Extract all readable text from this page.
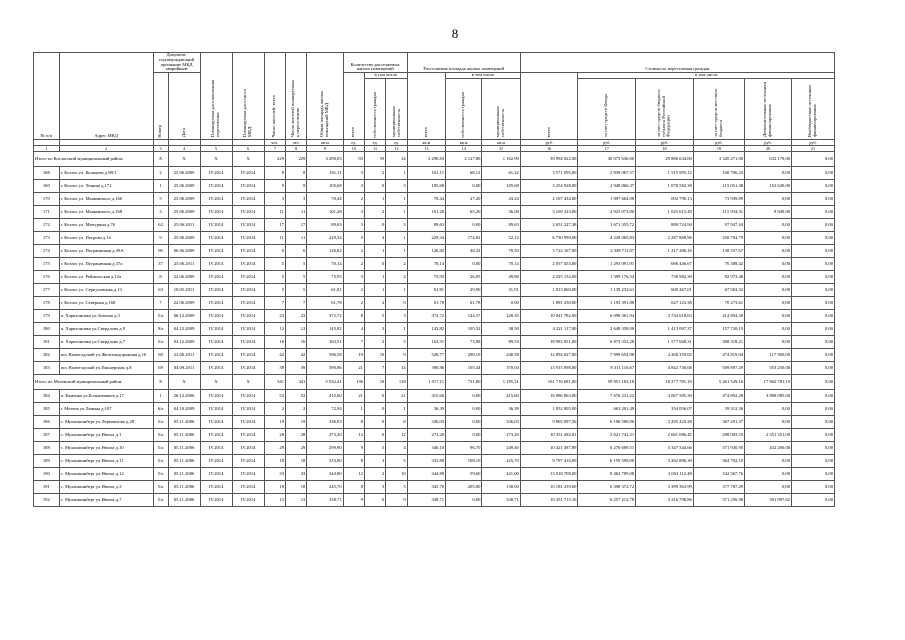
8
№ п/п	Адрес МКД	Документ, подтверждающий признание МКД аварийным		Планируемая дата окончания переселения	Планируемая дата сноса МКД	Число жителей, всего	Число жителей планируемых к переселению	Общая площадь жилых помещений МКД	Количество расселяемых жилых помещений			Расселяемая площадь жилых помещений			Стоимость переселения граждан					
		Номер	Дата						всего	в том числе		всего	в том числе		всего	в том числе				
										собственность граждан	муниципальная собственность		собственность граждан	муниципальная собственность		за счет средств Фонда	за счет средств бюджета субъекта Российской Федерации	за счет средств местного бюджета	Дополнительные источники финансирования	Внебюджетные источники финансирования
						чел.	чел.	кв.м	ед.	ед.	ед.	кв.м	кв.м	кв.м	руб.	руб.	руб.	руб.	руб.	руб.
1	2	3	4	5	6	7	8	9	10	11	12	13	14	15	16	17	18	19	20	21
Итого по Котласский муниципальный район:		X	X	X	X	229	229	3 290,83	93	59	34	3 290,83	2 127,86	1 162,99	39 994 022,00	30 073 636,00	29 886 634,00	3 320 271,00	632 179,00	0,00
168	г. Котлас ул. Кольцева д.98/1	2	25.06.2009	IV.2014	IV.2014	8	8	161,11	3	2	1	161,11	68,12	61,22	3 571 095,00	2 839 067,57	1 515 995,12	168 706,23	0,00	0,00
169	г. Котлас ул. Ленина д.172	1	25.06.2009	IV.2014	IV.2014	9	9	105,68	3	0	3	105,68	0,00	105,68	3 254 928,00	2 948 866,37	1 078 582,38	115 051,48	152 620,00	0,00
170	г. Котлас ул. Маяковского д.160	5	25.06.2009	IV.2014	IV.2014	3	3	70,44	2	1	1	70,44	27,20	43,24	2 167 434,00	1 897 664,08	692 790,13	73 939,89	0,00	0,00
171	г. Котлас ул. Маяковского д.168	3	25.06.2009	IV.2014	IV.2014	11	11	101,28	3	2	1	101,28	65,20	36,08	3 169 323,00	2 923 073,80	1 025 615,49	115 934,31	8 949,00	0,00
172	г. Котлас ул. Мичурина д.76	62	25.06.2011	IV.2014	IV.2014	17	17	89,63	3	0	3	89,63	0,00	89,63	2 651 227,38	1 671 355,72	880 724,94	97 947,44	0,00	0,00
173	г. Котлас ул. Петрова д.14	9	25.06.2009	IV.2014	IV.2014	11	11	229,34	5	4	1	229,34	174,82	52,12	6 730 999,00	4 228 065,83	2 287 868,96	250 704,79	0,00	0,00
174	г. Котлас ул. Пограничная д.39А	9б	06.06.2009	IV.2014	IV.2014	6	6	126,82	2	1	1	126,82	48,32	78,50	3 722 167,00	2 338 711,07	1 217 286,16	138 557,67	0,00	0,00
175	г. Котлас ул. Пограничная д.37а	37	25.06.2011	IV.2014	IV.2014	5	5	70,14	2	0	2	70,14	0,00	70,14	2 057 453,00	1 293 091,91	686 446,67	76 388,42	0,00	0,00
176	г. Котлас ул. Рейнольская д.12а	8	22.06.2009	IV.2014	IV.2014	5	5	75,93	3	1	2	75,93	26,05	49,88	2 225 132,00	1 399 176,54	736 982,30	82 973,46	0,00	0,00
177	г. Котлас ул. Серпуховская д.13	63	18.05.2011	IV.2014	IV.2014	5	5	61,81	2	1	1	61,81	29,90	31,91	1 813 069,00	1 139 232,61	600 267,01	67 563,32	0,00	0,00
178	г. Котлас ул. Северная д.168	7	22.06.2009	IV.2014	IV.2014	7	7	61,78	2	2	0	61,78	61,78	0,00	1 891 250,00	1 193 391,88	627 123,38	70 273,61	0,00	0,00
179	п. Харитоновка ул.Зеленая д.3	5/a	06.12.2009	IV.2014	IV.2014	23	23	372,72	8	5	3	372,72	144,37	228,35	10 041 782,00	6 098 361,94	3 734 618,63	414 894,30	0,00	0,00
180	п. Харитоновка ул.Свердлова д.9	9/a	04.12.2009	IV.2014	IV.2014	12	12	143,82	4	3	1	143,82	105,32	38,50	4 221 117,00	2 649 358,00	1 413 097,37	157 720,19	0,00	0,00
181	п. Харитоновка ул.Свердлова д.7	5/a	04.12.2009	IV.2014	IV.2014	16	16	163,51	7	2	5	163,51	73,98	89,53	18 983 051,00	6 873 352,28	1 577 668,31	308 318,21	0,00	0,00
182	пос Вычегодский ул.Железнодорожная д.16	60	22.06.2011	IV.2014	IV.2014	42	42	596,58	19	10	9	528,77	290,19	248,58	12 894 027,00	7 999 654,98	4 268 359,02	474 819,94	117 900,00	0,00
183	пос Вычегодский ул.Пионерская д.8	69	04.09.2011	IV.2014	IV.2014	39	39	390,86	21	7	14	390,86	105,44	370,04	13 915 098,00	8 311 116,67	4 842 736,68	509 897,29	353 250,00	0,00
Итого по Мезенский муниципальный район:		X	X	X	X	341	341	5 032,41	136	18	118	1 917,11	731,80	1 185,31	161 716 681,00	59 851 183,18	18 277 781,19	5 461 529,16	17 862 781,19	0,00
184	п. Каменка ул.Большевиков д.17	1	26.12.2006	IV.2014	IV.2014	52	52	415,60	21	0	21	415,60	0,00	415,60	16 986 863,00	7 676 231,22	4 067 585,30	474 892,28	3 888 085,00	0,00
185	г. Мезень ул.Ленина д.107	6/a	04.10.2009	IV.2014	IV.2014	2	2	72,94	1	0	1	36,39	0,00	36,39	1 052 805,00	663 201,49	354 056,07	39 312,36	0,00	0,00
186	с. Мулашпинберг ул.Лермонтова д.28	5/a	05.11.2006	IV.2014	IV.2014	19	19	336,03	8	0	8	336,03	0,00	336,03	9 865 097,56	6 196 586,96	3 295 425,28	367 291,37	0,00	0,00
187	с. Мулашпинберг ул.Нюхча д.1	5/a	05.11.2006	IV.2014	IV.2014	28	28	273,20	12	0	12	273,20	0,00	273,20	10 351 282,81	5 021 742,21	2 681 086,45	298 003,55	2 351 351,00	0,00
188	с. Мулашпинберг ул.Нюхча д.10	5/a	05.11.2006	IV.2014	IV.2014	29	29	299,90	9	5	4	346,10	96,70	249,40	10 421 387,89	6 276 689,51	3 347 344,66	371 930,95	432 200,00	0,00
189	с. Мулашпинберг ул.Нюхча д.11	5/a	05.11.2006	IV.2014	IV.2014	18	18	333,80	8	3	5	333,80	108,10	225,70	9 797 416,00	6 159 599,00	3 282 886,30	364 702,10	0,00	0,00
190	с. Мулашпинберг ул.Нюхча д.12	5/a	05.11.2006	IV.2014	IV.2014	33	33	344,80	12	2	10	344,80	59,60	421,00	13 918 708,00	8 463 789,08	3 063 112,48	342 567,76	0,00	0,00
191	с. Мулашпинберг ул.Нюхча д.3	5/a	05.11.2006	IV.2014	IV.2014	18	18	245,70	8	3	5	345,70	205,00	138,00	10 181 239,00	6 398 372,72	3 399 363,99	377 787,29	0,00	0,00
192	с. Мулашпинберг ул.Нюхча д.7	5/a	05.11.2006	IV.2014	IV.2014	13	13	338,71	9	0	9	338,71	0,00	338,71	10 351 715,16	6 257 212,78	3 316 798,86	371 256,98	391 997,62	0,00
